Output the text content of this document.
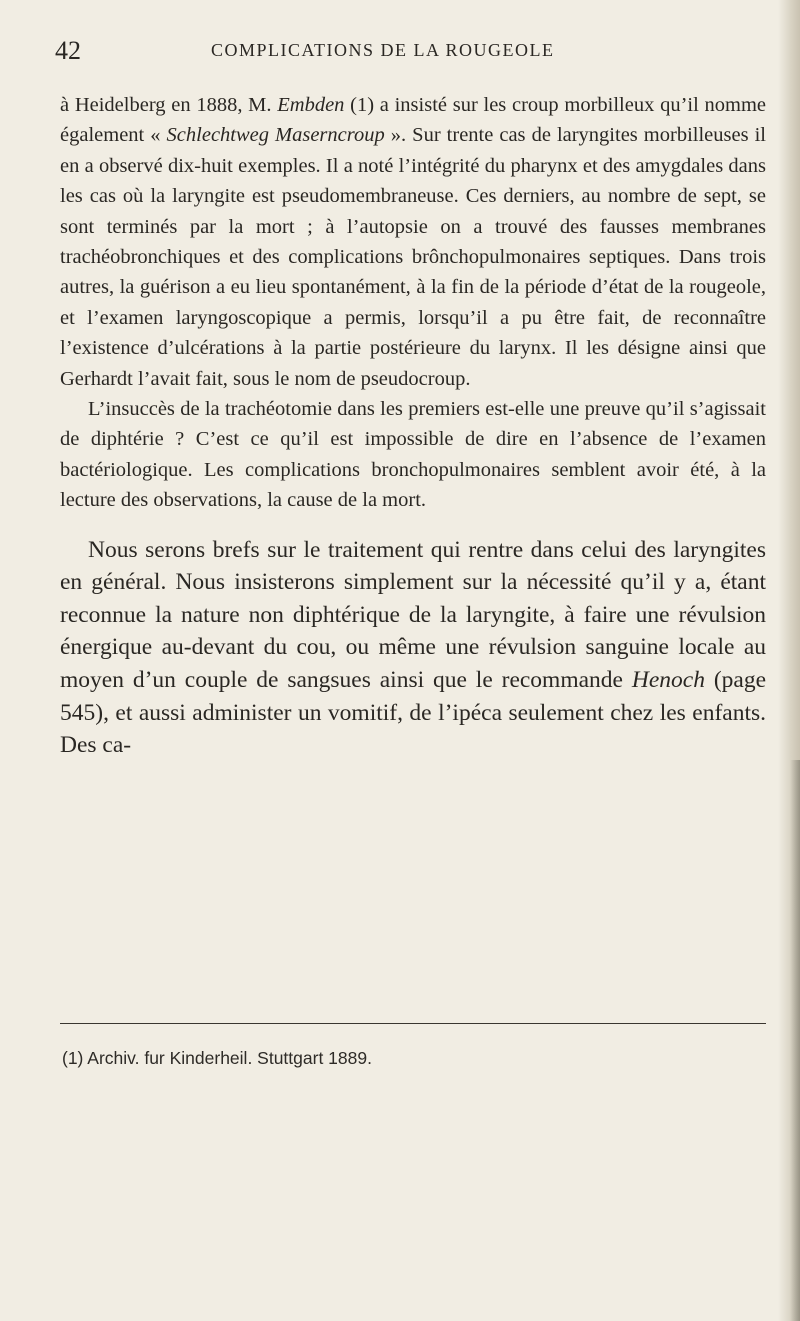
42	COMPLICATIONS DE LA ROUGEOLE

à Heidelberg en 1888, M. Embden (1) a insisté sur les croup morbilleux qu’il nomme également « Schlechtweg Maserncroup ». Sur trente cas de laryngites morbilleuses il en a observé dix-huit exemples. Il a noté l’intégrité du pharynx et des amygdales dans les cas où la laryngite est pseudomembraneuse. Ces derniers, au nombre de sept, se sont terminés par la mort ; à l’autopsie on a trouvé des fausses membranes trachéobronchiques et des complications brônchopulmonaires septiques. Dans trois autres, la guérison a eu lieu spontanément, à la fin de la période d’état de la rougeole, et l’examen laryngoscopique a permis, lorsqu’il a pu être fait, de reconnaître l’existence d’ulcérations à la partie postérieure du larynx. Il les désigne ainsi que Gerhardt l’avait fait, sous le nom de pseudocroup.

L’insuccès de la trachéotomie dans les premiers est-elle une preuve qu’il s’agissait de diphtérie ? C’est ce qu’il est impossible de dire en l’absence de l’examen bactériologique. Les complications bronchopulmonaires semblent avoir été, à la lecture des observations, la cause de la mort.

Nous serons brefs sur le traitement qui rentre dans celui des laryngites en général. Nous insisterons simplement sur la nécessité qu’il y a, étant reconnue la nature non diphtérique de la laryngite, à faire une révulsion énergique au-devant du cou, ou même une révulsion sanguine locale au moyen d’un couple de sangsues ainsi que le recommande Henoch (page 545), et aussi administer un vomitif, de l’ipéca seulement chez les enfants. Des ca-

(1) Archiv. fur Kinderheil. Stuttgart 1889.
